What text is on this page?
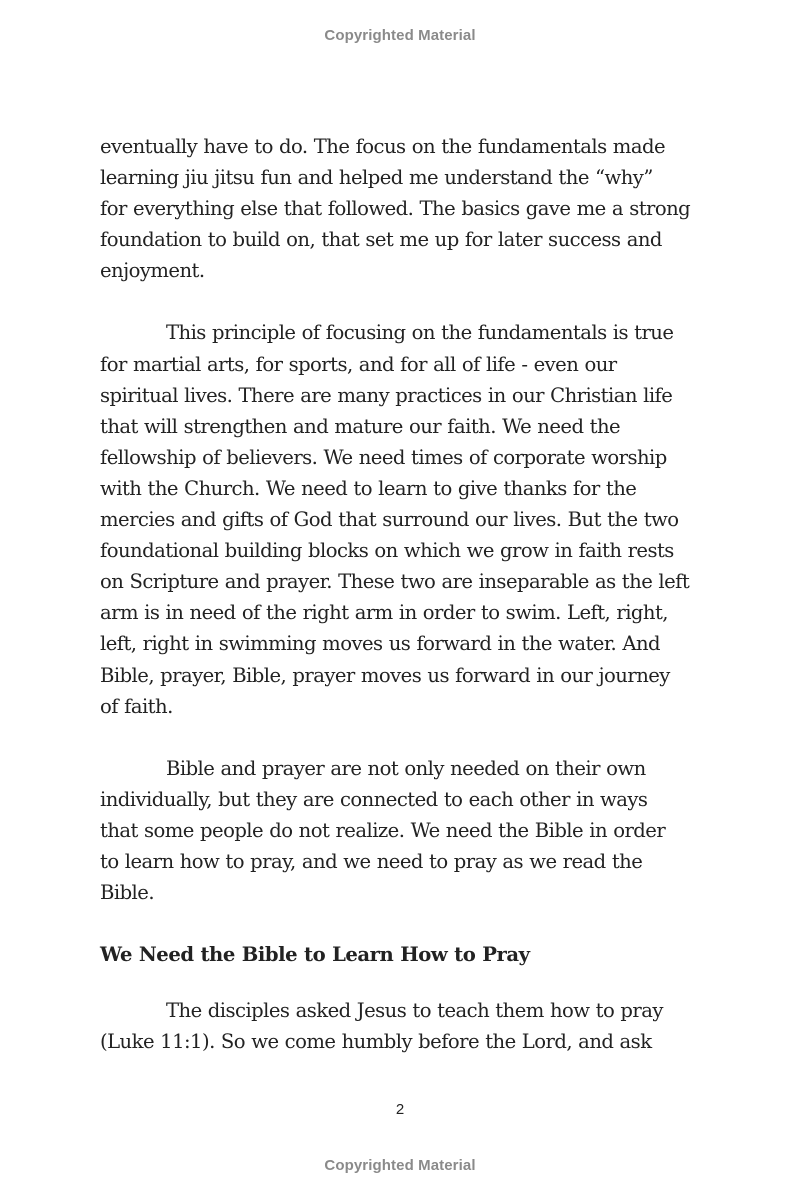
Copyrighted Material
eventually have to do. The focus on the fundamentals made
learning jiu jitsu fun and helped me understand the “why”
for everything else that followed. The basics gave me a strong
foundation to build on, that set me up for later success and
enjoyment.
This principle of focusing on the fundamentals is true
for martial arts, for sports, and for all of life - even our
spiritual lives. There are many practices in our Christian life
that will strengthen and mature our faith. We need the
fellowship of believers. We need times of corporate worship
with the Church. We need to learn to give thanks for the
mercies and gifts of God that surround our lives. But the two
foundational building blocks on which we grow in faith rests
on Scripture and prayer. These two are inseparable as the left
arm is in need of the right arm in order to swim. Left, right,
left, right in swimming moves us forward in the water. And
Bible, prayer, Bible, prayer moves us forward in our journey
of faith.
Bible and prayer are not only needed on their own
individually, but they are connected to each other in ways
that some people do not realize. We need the Bible in order
to learn how to pray, and we need to pray as we read the
Bible.
We Need the Bible to Learn How to Pray
The disciples asked Jesus to teach them how to pray
(Luke 11:1). So we come humbly before the Lord, and ask
2
Copyrighted Material
